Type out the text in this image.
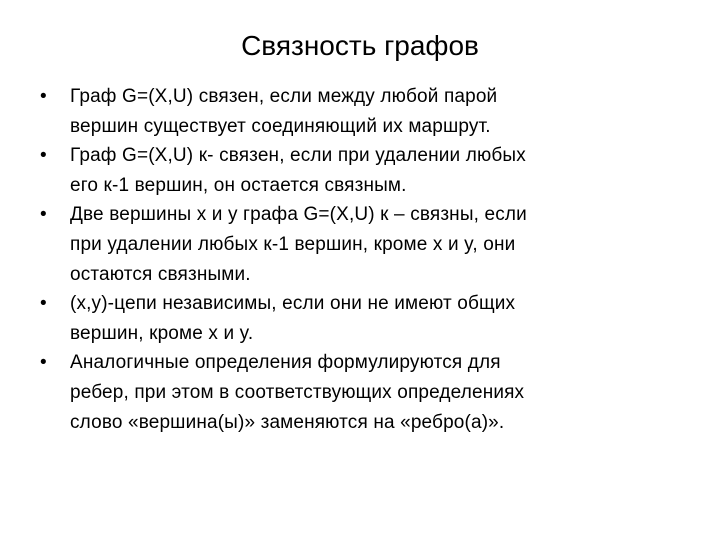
Связность графов
• Граф G=(X,U) связен, если между любой парой
вершин существует соединяющий их маршрут.
• Граф G=(X,U) к- связен, если при удалении любых
его к-1 вершин, он остается связным.
• Две вершины x и y графа G=(X,U) к – связны, если
при удалении любых к-1 вершин, кроме x и y, они
остаются связными.
• (x,y)-цепи независимы, если они не имеют общих
вершин, кроме x и y.
• Аналогичные определения формулируются для
ребер, при этом в соответствующих определениях
слово «вершина(ы)» заменяются на «ребро(а)».
